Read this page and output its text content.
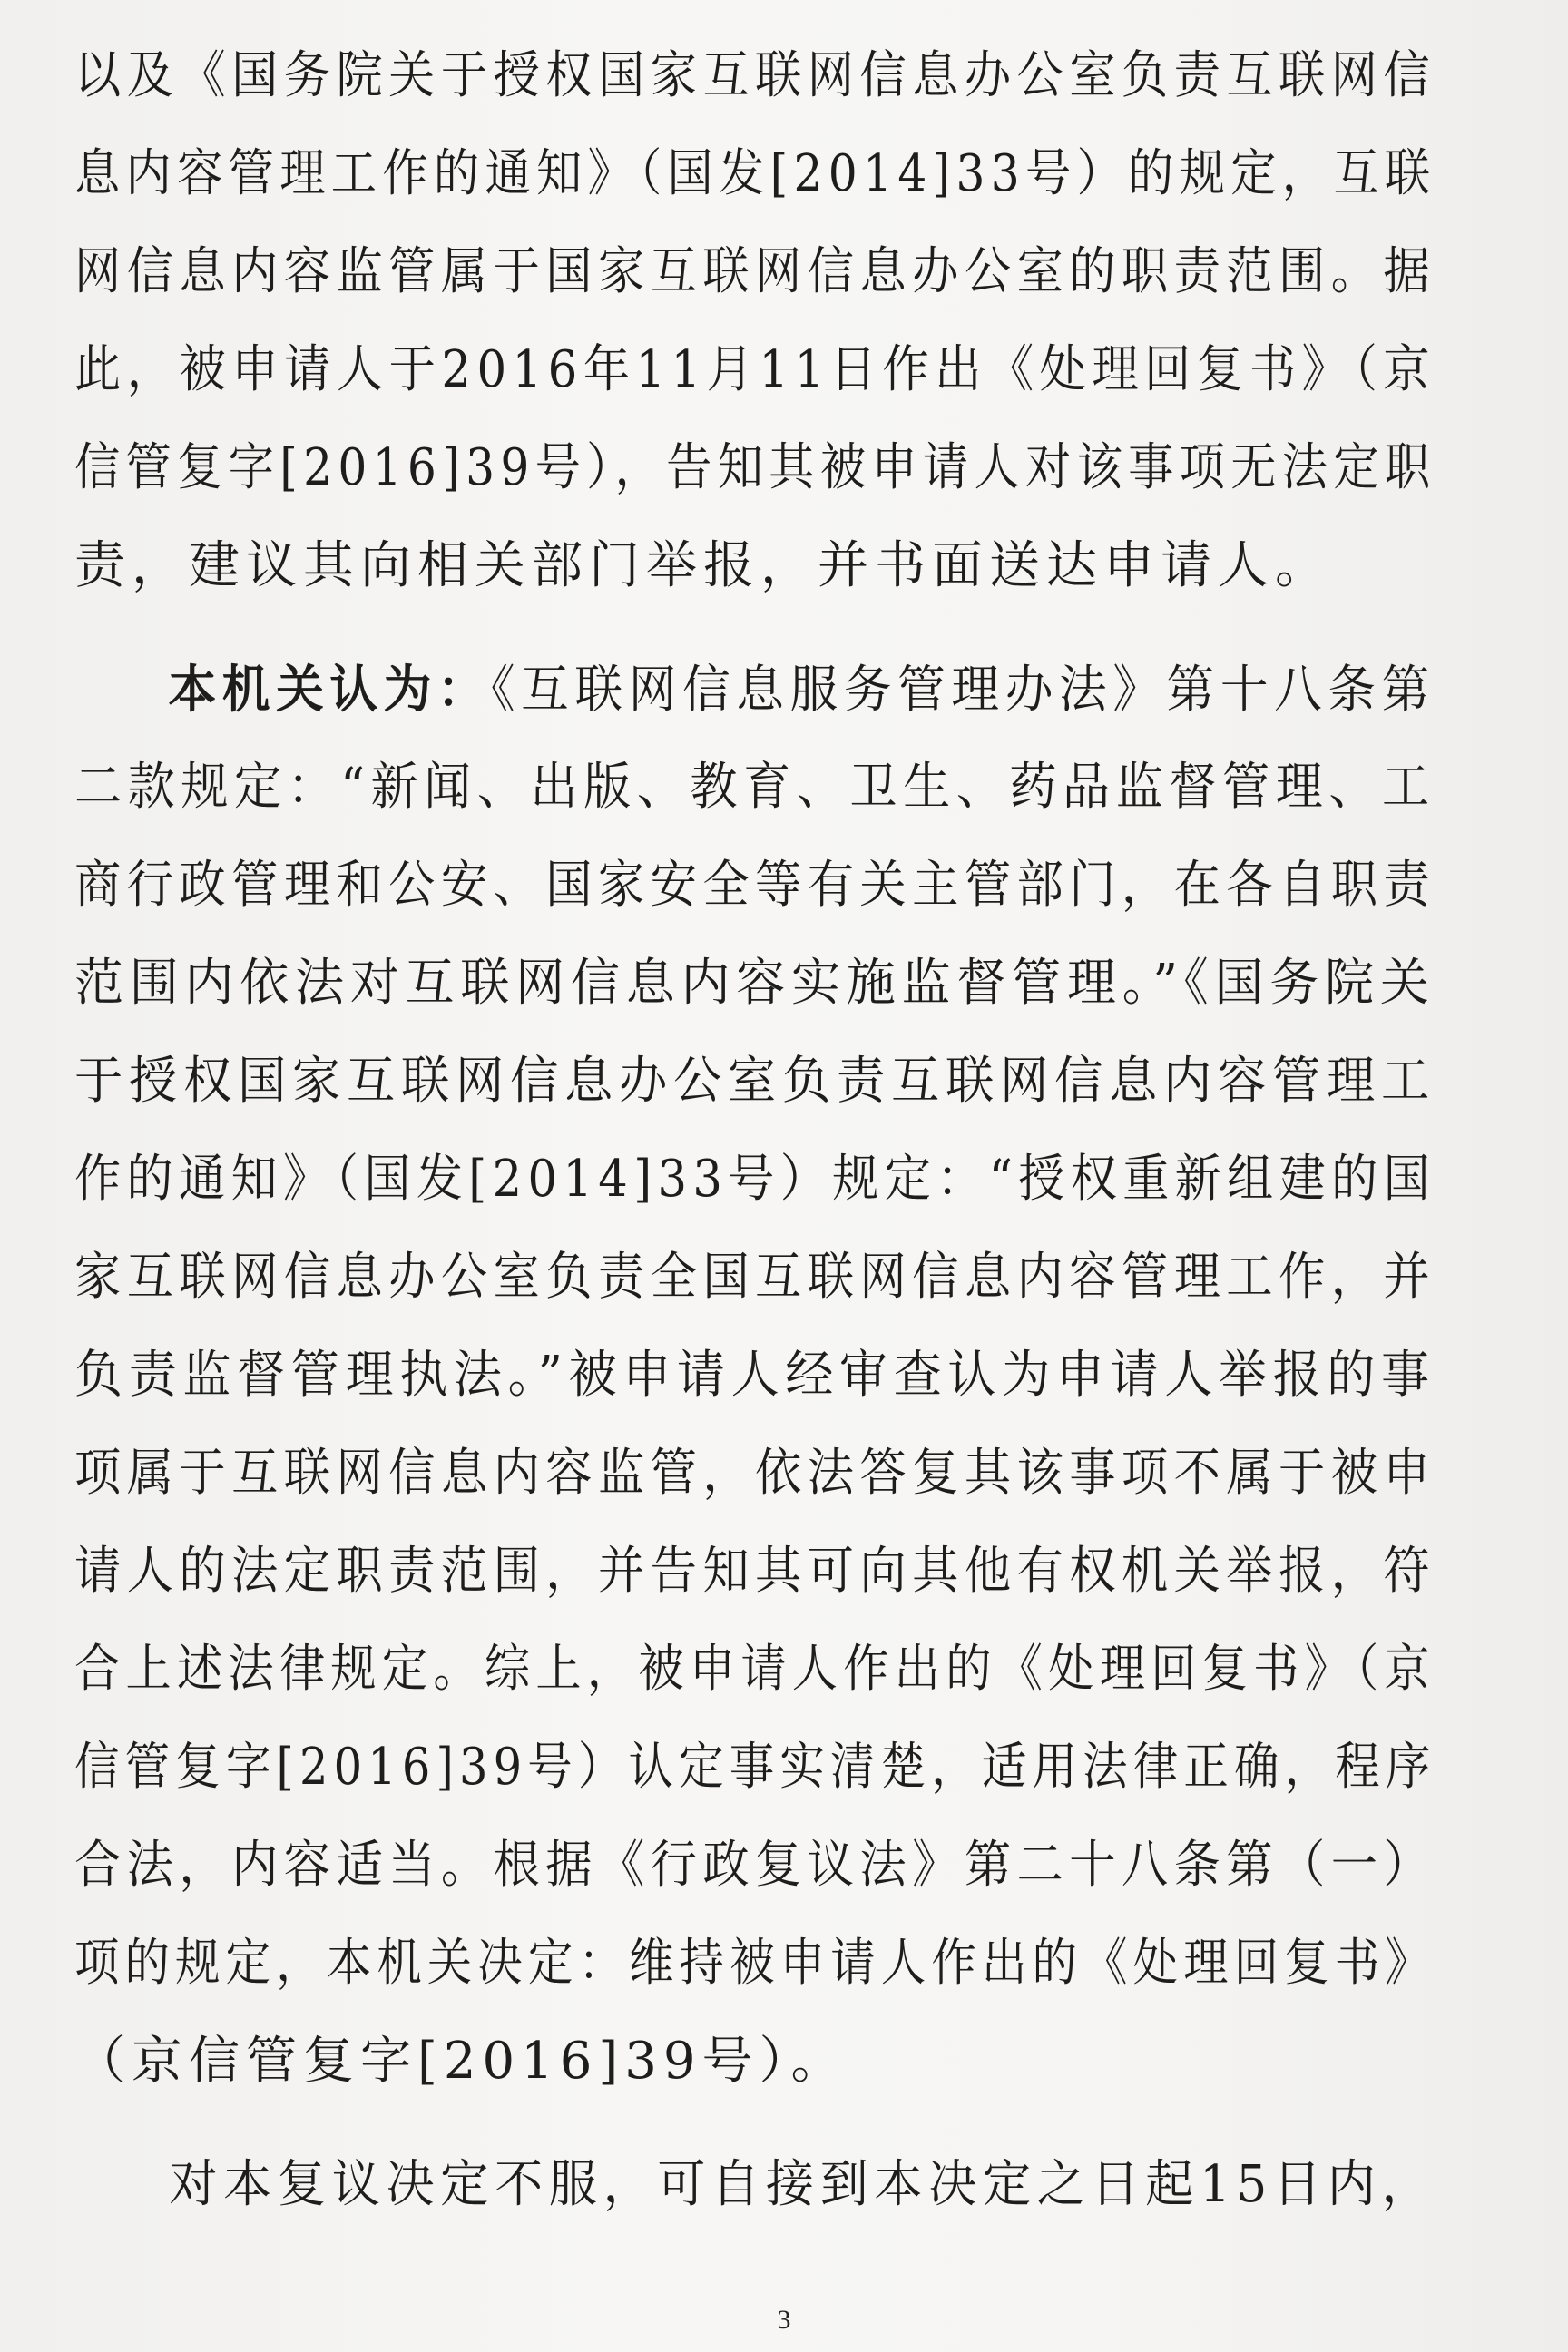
以及《国务院关于授权国家互联网信息办公室负责互联网信
息内容管理工作的通知》（国发[2014]33号）的规定，互联
网信息内容监管属于国家互联网信息办公室的职责范围。据
此，被申请人于2016年11月11日作出《处理回复书》（京
信管复字[2016]39号），告知其被申请人对该事项无法定职
责，建议其向相关部门举报，并书面送达申请人。
本机关认为：《互联网信息服务管理办法》第十八条第
二款规定：“新闻、出版、教育、卫生、药品监督管理、工
商行政管理和公安、国家安全等有关主管部门，在各自职责
范围内依法对互联网信息内容实施监督管理。”《国务院关
于授权国家互联网信息办公室负责互联网信息内容管理工
作的通知》（国发[2014]33号）规定：“授权重新组建的国
家互联网信息办公室负责全国互联网信息内容管理工作，并
负责监督管理执法。”被申请人经审查认为申请人举报的事
项属于互联网信息内容监管，依法答复其该事项不属于被申
请人的法定职责范围，并告知其可向其他有权机关举报，符
合上述法律规定。综上，被申请人作出的《处理回复书》（京
信管复字[2016]39号）认定事实清楚，适用法律正确，程序
合法，内容适当。根据《行政复议法》第二十八条第（一）
项的规定，本机关决定：维持被申请人作出的《处理回复书》
（京信管复字[2016]39号）。
对本复议决定不服，可自接到本决定之日起15日内，
3
